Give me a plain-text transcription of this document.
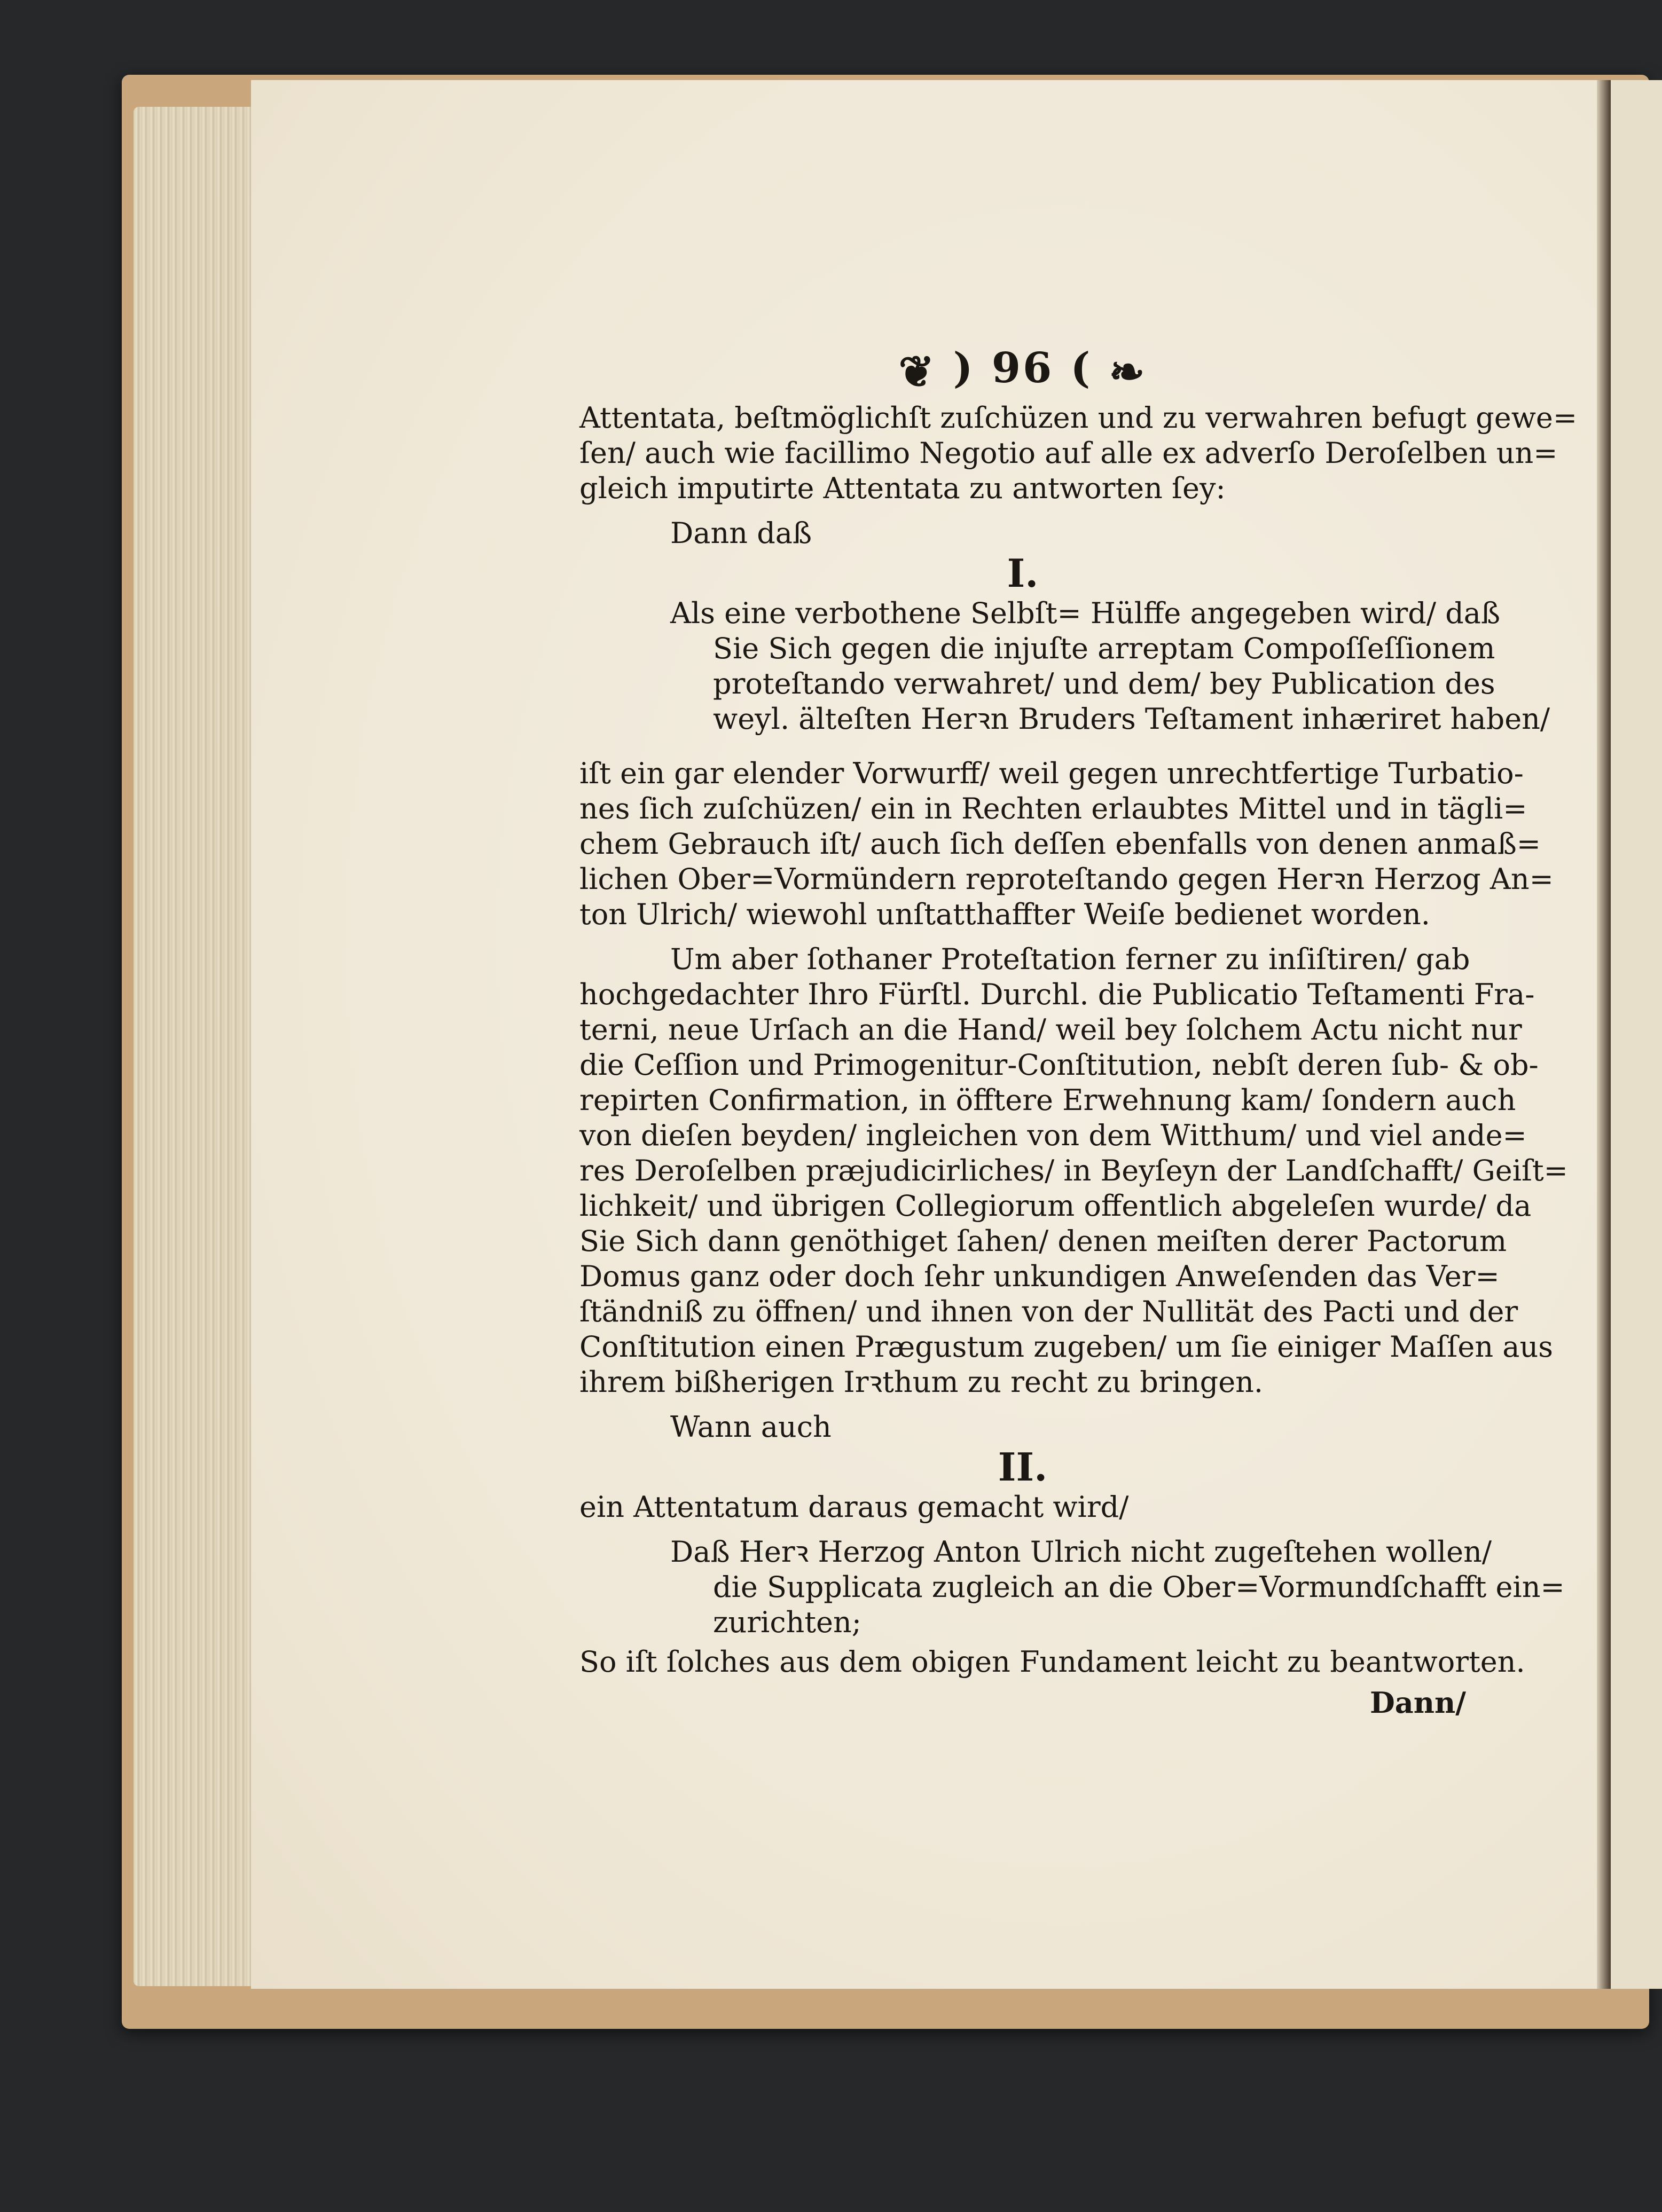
❦ ) 96 ( ❧
Attentata, beſtmöglichſt zuſchüzen und zu verwahren befugt gewe=
ſen/ auch wie facillimo Negotio auf alle ex adverſo Deroſelben un=
gleich imputirte Attentata zu antworten ſey:
Dann daß
I.
Als eine verbothene Selbſt= Hülffe angegeben wird/ daß
Sie Sich gegen die injuſte arreptam Compoſſeſſionem
proteſtando verwahret/ und dem/ bey Publication des
weyl. älteſten Herꝛn Bruders Teſtament inhæriret haben/
iſt ein gar elender Vorwurff/ weil gegen unrechtfertige Turbatio-
nes ſich zuſchüzen/ ein in Rechten erlaubtes Mittel und in tägli=
chem Gebrauch iſt/ auch ſich deſſen ebenfalls von denen anmaß=
lichen Ober=Vormündern reproteſtando gegen Herꝛn Herzog An=
ton Ulrich/ wiewohl unſtatthaffter Weiſe bedienet worden.
Um aber ſothaner Proteſtation ferner zu inſiſtiren/ gab
hochgedachter Ihro Fürſtl. Durchl. die Publicatio Teſtamenti Fra-
terni, neue Urſach an die Hand/ weil bey ſolchem Actu nicht nur
die Ceſſion und Primogenitur-Conſtitution, nebſt deren ſub- & ob-
repirten Confirmation, in öfftere Erwehnung kam/ ſondern auch
von dieſen beyden/ ingleichen von dem Witthum/ und viel ande=
res Deroſelben præjudicirliches/ in Beyſeyn der Landſchafft/ Geiſt=
lichkeit/ und übrigen Collegiorum offentlich abgeleſen wurde/ da
Sie Sich dann genöthiget ſahen/ denen meiſten derer Pactorum
Domus ganz oder doch ſehr unkundigen Anweſenden das Ver=
ſtändniß zu öffnen/ und ihnen von der Nullität des Pacti und der
Conſtitution einen Prægustum zugeben/ um ſie einiger Maſſen aus
ihrem bißherigen Irꝛthum zu recht zu bringen.
Wann auch
II.
ein Attentatum daraus gemacht wird/
Daß Herꝛ Herzog Anton Ulrich nicht zugeſtehen wollen/
die Supplicata zugleich an die Ober=Vormundſchafft ein=
zurichten;
So iſt ſolches aus dem obigen Fundament leicht zu beantworten.
Dann/
